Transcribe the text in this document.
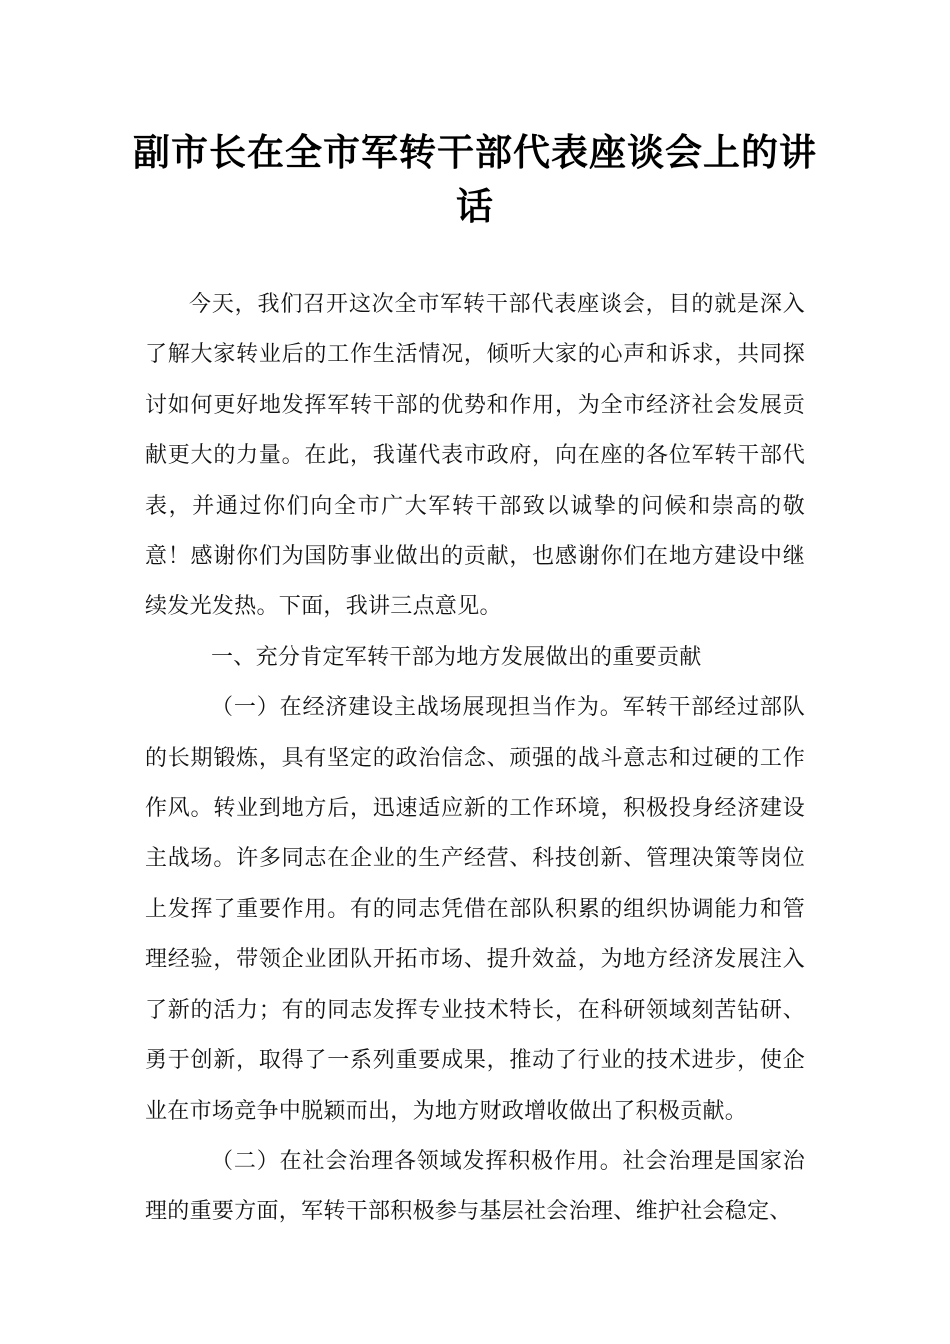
副市长在全市军转干部代表座谈会上的讲话

今天，我们召开这次全市军转干部代表座谈会，目的就是深入了解大家转业后的工作生活情况，倾听大家的心声和诉求，共同探讨如何更好地发挥军转干部的优势和作用，为全市经济社会发展贡献更大的力量。在此，我谨代表市政府，向在座的各位军转干部代表，并通过你们向全市广大军转干部致以诚挚的问候和崇高的敬意！感谢你们为国防事业做出的贡献，也感谢你们在地方建设中继续发光发热。下面，我讲三点意见。

一、充分肯定军转干部为地方发展做出的重要贡献

（一）在经济建设主战场展现担当作为。军转干部经过部队的长期锻炼，具有坚定的政治信念、顽强的战斗意志和过硬的工作作风。转业到地方后，迅速适应新的工作环境，积极投身经济建设主战场。许多同志在企业的生产经营、科技创新、管理决策等岗位上发挥了重要作用。有的同志凭借在部队积累的组织协调能力和管理经验，带领企业团队开拓市场、提升效益，为地方经济发展注入了新的活力；有的同志发挥专业技术特长，在科研领域刻苦钻研、勇于创新，取得了一系列重要成果，推动了行业的技术进步，使企业在市场竞争中脱颖而出，为地方财政增收做出了积极贡献。

（二）在社会治理各领域发挥积极作用。社会治理是国家治理的重要方面，军转干部积极参与基层社会治理、维护社会稳定、
